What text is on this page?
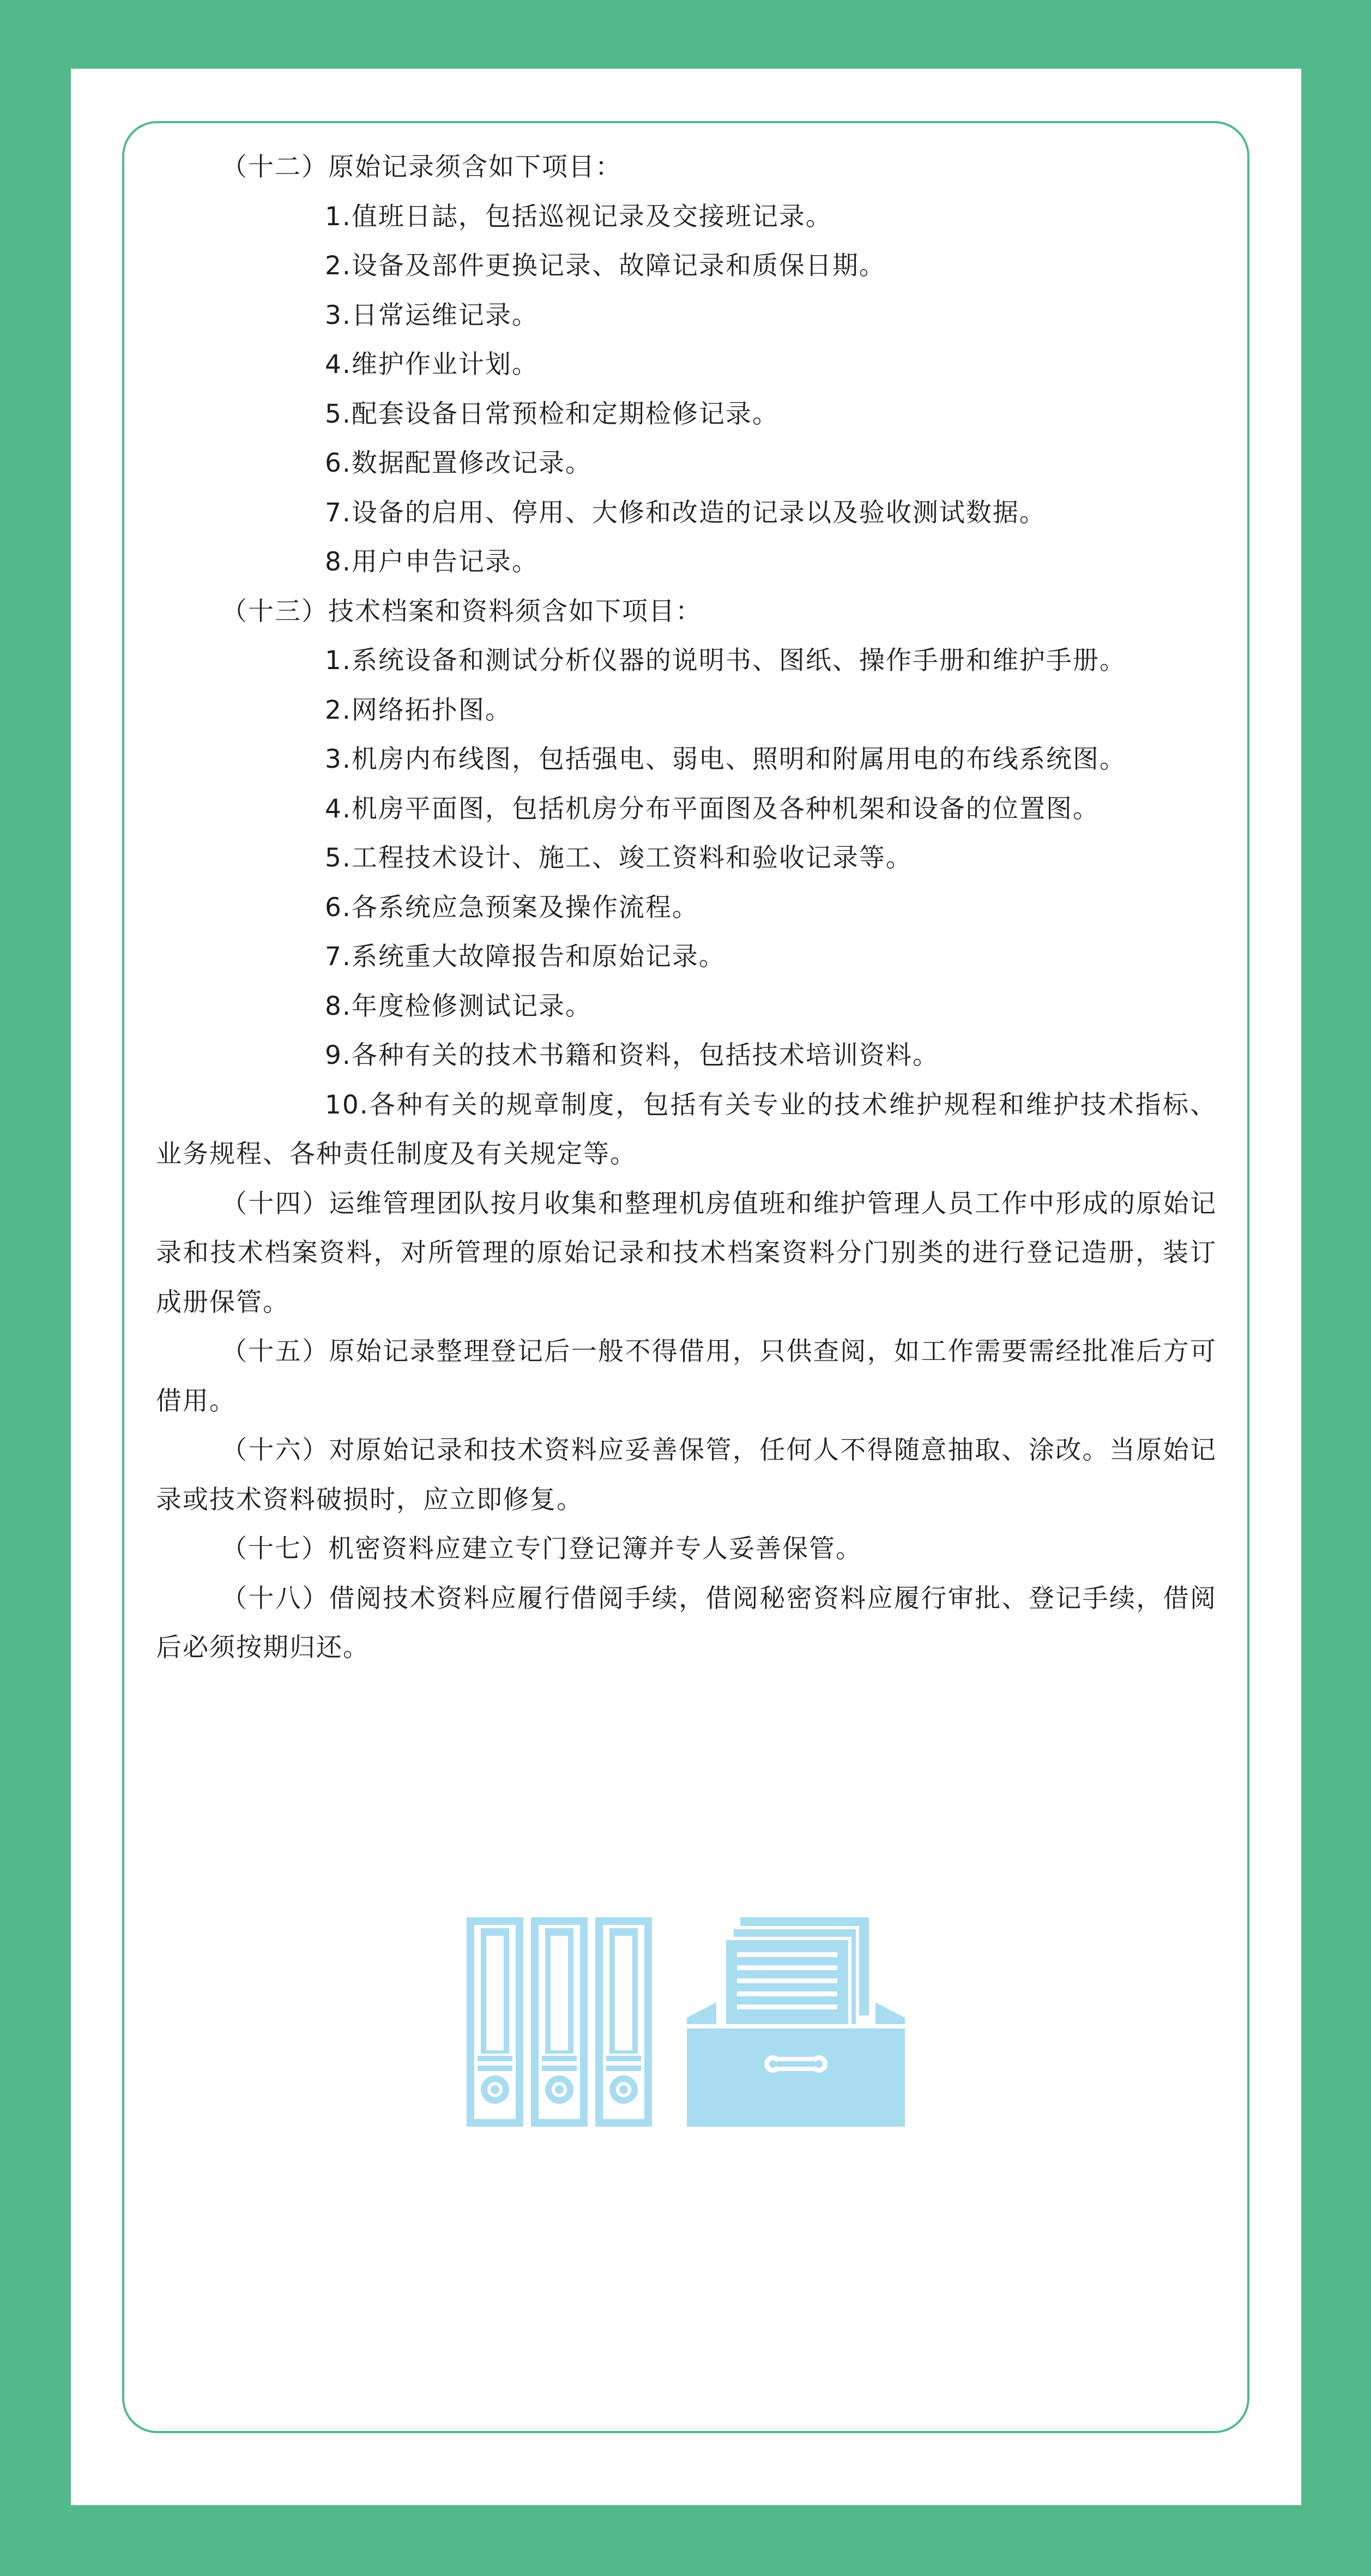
（十二）原始记录须含如下项目：

1.值班日誌，包括巡视记录及交接班记录。

2.设备及部件更换记录、故障记录和质保日期。

3.日常运维记录。

4.维护作业计划。

5.配套设备日常预检和定期检修记录。

6.数据配置修改记录。

7.设备的启用、停用、大修和改造的记录以及验收测试数据。

8.用户申告记录。

（十三）技术档案和资料须含如下项目：

1.系统设备和测试分析仪器的说明书、图纸、操作手册和维护手册。

2.网络拓扑图。

3.机房内布线图，包括强电、弱电、照明和附属用电的布线系统图。

4.机房平面图，包括机房分布平面图及各种机架和设备的位置图。

5.工程技术设计、施工、竣工资料和验收记录等。

6.各系统应急预案及操作流程。

7.系统重大故障报告和原始记录。

8.年度检修测试记录。

9.各种有关的技术书籍和资料，包括技术培训资料。

10.各种有关的规章制度，包括有关专业的技术维护规程和维护技术指标、业务规程、各种责任制度及有关规定等。

（十四）运维管理团队按月收集和整理机房值班和维护管理人员工作中形成的原始记录和技术档案资料，对所管理的原始记录和技术档案资料分门别类的进行登记造册，装订成册保管。

（十五）原始记录整理登记后一般不得借用，只供查阅，如工作需要需经批准后方可借用。

（十六）对原始记录和技术资料应妥善保管，任何人不得随意抽取、涂改。当原始记录或技术资料破损时，应立即修复。

（十七）机密资料应建立专门登记簿并专人妥善保管。

（十八）借阅技术资料应履行借阅手续，借阅秘密资料应履行审批、登记手续，借阅后必须按期归还。
